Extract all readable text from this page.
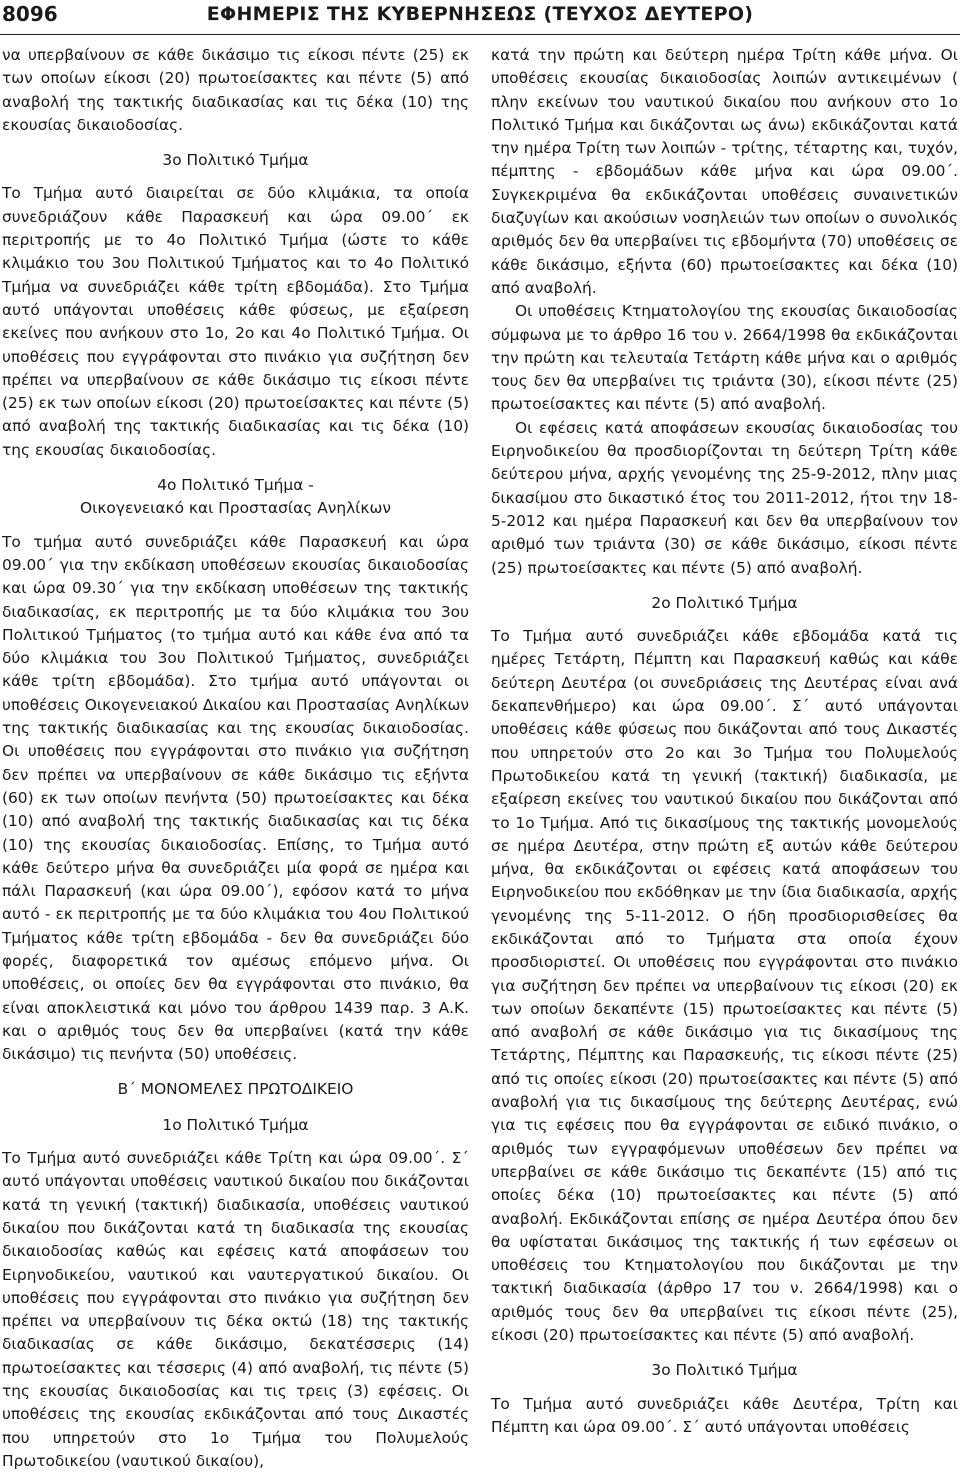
8096	ΕΦΗΜΕΡΙΣ ΤΗΣ ΚΥΒΕΡΝΗΣΕΩΣ (ΤΕΥΧΟΣ ΔΕΥΤΕΡΟ)

να υπερβαίνουν σε κάθε δικάσιμο τις είκοσι πέντε (25) εκ των οποίων είκοσι (20) πρωτοείσακτες και πέντε (5) από αναβολή της τακτικής διαδικασίας και τις δέκα (10) της εκουσίας δικαιοδοσίας.

3ο Πολιτικό Τμήμα

Το Τμήμα αυτό διαιρείται σε δύο κλιμάκια, τα οποία συνεδριάζουν κάθε Παρασκευή και ώρα 09.00΄ εκ περιτροπής με το 4ο Πολιτικό Τμήμα (ώστε το κάθε κλιμάκιο του 3ου Πολιτικού Τμήματος και το 4ο Πολιτικό Τμήμα να συνεδριάζει κάθε τρίτη εβδομάδα). Στο Τμήμα αυτό υπάγονται υποθέσεις κάθε φύσεως, με εξαίρεση εκείνες που ανήκουν στο 1ο, 2ο και 4ο Πολιτικό Τμήμα. Οι υποθέσεις που εγγράφονται στο πινάκιο για συζήτηση δεν πρέπει να υπερβαίνουν σε κάθε δικάσιμο τις είκοσι πέντε (25) εκ των οποίων είκοσι (20) πρωτοείσακτες και πέντε (5) από αναβολή της τακτικής διαδικασίας και τις δέκα (10) της εκουσίας δικαιοδοσίας.

4ο Πολιτικό Τμήμα -
Οικογενειακό και Προστασίας Ανηλίκων

Το τμήμα αυτό συνεδριάζει κάθε Παρασκευή και ώρα 09.00΄ για την εκδίκαση υποθέσεων εκουσίας δικαιοδοσίας και ώρα 09.30΄ για την εκδίκαση υποθέσεων της τακτικής διαδικασίας, εκ περιτροπής με τα δύο κλιμάκια του 3ου Πολιτικού Τμήματος (το τμήμα αυτό και κάθε ένα από τα δύο κλιμάκια του 3ου Πολιτικού Τμήματος, συνεδριάζει κάθε τρίτη εβδομάδα). Στο τμήμα αυτό υπάγονται οι υποθέσεις Οικογενειακού Δικαίου και Προστασίας Ανηλίκων της τακτικής διαδικασίας και της εκουσίας δικαιοδοσίας. Οι υποθέσεις που εγγράφονται στο πινάκιο για συζήτηση δεν πρέπει να υπερβαίνουν σε κάθε δικάσιμο τις εξήντα (60) εκ των οποίων πενήντα (50) πρωτοείσακτες και δέκα (10) από αναβολή της τακτικής διαδικασίας και τις δέκα (10) της εκουσίας δικαιοδοσίας. Επίσης, το Τμήμα αυτό κάθε δεύτερο μήνα θα συνεδριάζει μία φορά σε ημέρα και πάλι Παρασκευή (και ώρα 09.00΄), εφόσον κατά το μήνα αυτό - εκ περιτροπής με τα δύο κλιμάκια του 4ου Πολιτικού Τμήματος κάθε τρίτη εβδομάδα - δεν θα συνεδριάζει δύο φορές, διαφορετικά τον αμέσως επόμενο μήνα. Οι υποθέσεις, οι οποίες δεν θα εγγράφονται στο πινάκιο, θα είναι αποκλειστικά και μόνο του άρθρου 1439 παρ. 3 Α.Κ. και ο αριθμός τους δεν θα υπερβαίνει (κατά την κάθε δικάσιμο) τις πενήντα (50) υποθέσεις.

Β΄ ΜΟΝΟΜΕΛΕΣ ΠΡΩΤΟΔΙΚΕΙΟ
1ο Πολιτικό Τμήμα

Το Τμήμα αυτό συνεδριάζει κάθε Τρίτη και ώρα 09.00΄. Σ΄ αυτό υπάγονται υποθέσεις ναυτικού δικαίου που δικάζονται κατά τη γενική (τακτική) διαδικασία, υποθέσεις ναυτικού δικαίου που δικάζονται κατά τη διαδικασία της εκουσίας δικαιοδοσίας καθώς και εφέσεις κατά αποφάσεων του Ειρηνοδικείου, ναυτικού και ναυτεργατικού δικαίου. Οι υποθέσεις που εγγράφονται στο πινάκιο για συζήτηση δεν πρέπει να υπερβαίνουν τις δέκα οκτώ (18) της τακτικής διαδικασίας σε κάθε δικάσιμο, δεκατέσσερις (14) πρωτοείσακτες και τέσσερις (4) από αναβολή, τις πέντε (5) της εκουσίας δικαιοδοσίας και τις τρεις (3) εφέσεις. Οι υποθέσεις της εκουσίας εκδικάζονται από τους Δικαστές που υπηρετούν στο 1ο Τμήμα του Πολυμελούς Πρωτοδικείου (ναυτικού δικαίου),

κατά την πρώτη και δεύτερη ημέρα Τρίτη κάθε μήνα. Οι υποθέσεις εκουσίας δικαιοδοσίας λοιπών αντικειμένων ( πλην εκείνων του ναυτικού δικαίου που ανήκουν στο 1ο Πολιτικό Τμήμα και δικάζονται ως άνω) εκδικάζονται κατά την ημέρα Τρίτη των λοιπών - τρίτης, τέταρτης και, τυχόν, πέμπτης - εβδομάδων κάθε μήνα και ώρα 09.00΄. Συγκεκριμένα θα εκδικάζονται υποθέσεις συναινετικών διαζυγίων και ακούσιων νοσηλειών των οποίων ο συνολικός αριθμός δεν θα υπερβαίνει τις εβδομήντα (70) υποθέσεις σε κάθε δικάσιμο, εξήντα (60) πρωτοείσακτες και δέκα (10) από αναβολή.

Οι υποθέσεις Κτηματολογίου της εκουσίας δικαιοδοσίας σύμφωνα με το άρθρο 16 του ν. 2664/1998 θα εκδικάζονται την πρώτη και τελευταία Τετάρτη κάθε μήνα και ο αριθμός τους δεν θα υπερβαίνει τις τριάντα (30), είκοσι πέντε (25) πρωτοείσακτες και πέντε (5) από αναβολή.

Οι εφέσεις κατά αποφάσεων εκουσίας δικαιοδοσίας του Ειρηνοδικείου θα προσδιορίζονται τη δεύτερη Τρίτη κάθε δεύτερου μήνα, αρχής γενομένης της 25-9-2012, πλην μιας δικασίμου στο δικαστικό έτος του 2011-2012, ήτοι την 18-5-2012 και ημέρα Παρασκευή και δεν θα υπερβαίνουν τον αριθμό των τριάντα (30) σε κάθε δικάσιμο, είκοσι πέντε (25) πρωτοείσακτες και πέντε (5) από αναβολή.

2ο Πολιτικό Τμήμα

Το Τμήμα αυτό συνεδριάζει κάθε εβδομάδα κατά τις ημέρες Τετάρτη, Πέμπτη και Παρασκευή καθώς και κάθε δεύτερη Δευτέρα (οι συνεδριάσεις της Δευτέρας είναι ανά δεκαπενθήμερο) και ώρα 09.00΄. Σ΄ αυτό υπάγονται υποθέσεις κάθε φύσεως που δικάζονται από τους Δικαστές που υπηρετούν στο 2ο και 3ο Τμήμα του Πολυμελούς Πρωτοδικείου κατά τη γενική (τακτική) διαδικασία, με εξαίρεση εκείνες του ναυτικού δικαίου που δικάζονται από το 1ο Τμήμα. Από τις δικασίμους της τακτικής μονομελούς σε ημέρα Δευτέρα, στην πρώτη εξ αυτών κάθε δεύτερου μήνα, θα εκδικάζονται οι εφέσεις κατά αποφάσεων του Ειρηνοδικείου που εκδόθηκαν με την ίδια διαδικασία, αρχής γενομένης της 5-11-2012. Ο ήδη προσδιορισθείσες θα εκδικάζονται από το Τμήματα στα οποία έχουν προσδιοριστεί. Οι υποθέσεις που εγγράφονται στο πινάκιο για συζήτηση δεν πρέπει να υπερβαίνουν τις είκοσι (20) εκ των οποίων δεκαπέντε (15) πρωτοείσακτες και πέντε (5) από αναβολή σε κάθε δικάσιμο για τις δικασίμους της Τετάρτης, Πέμπτης και Παρασκευής, τις είκοσι πέντε (25) από τις οποίες είκοσι (20) πρωτοείσακτες και πέντε (5) από αναβολή για τις δικασίμους της δεύτερης Δευτέρας, ενώ για τις εφέσεις που θα εγγράφονται σε ειδικό πινάκιο, ο αριθμός των εγγραφόμενων υποθέσεων δεν πρέπει να υπερβαίνει σε κάθε δικάσιμο τις δεκαπέντε (15) από τις οποίες δέκα (10) πρωτοείσακτες και πέντε (5) από αναβολή. Εκδικάζονται επίσης σε ημέρα Δευτέρα όπου δεν θα υφίσταται δικάσιμος της τακτικής ή των εφέσεων οι υποθέσεις του Κτηματολογίου που δικάζονται με την τακτική διαδικασία (άρθρο 17 του ν. 2664/1998) και ο αριθμός τους δεν θα υπερβαίνει τις είκοσι πέντε (25), είκοσι (20) πρωτοείσακτες και πέντε (5) από αναβολή.

3ο Πολιτικό Τμήμα

Το Τμήμα αυτό συνεδριάζει κάθε Δευτέρα, Τρίτη και Πέμπτη και ώρα 09.00΄. Σ΄ αυτό υπάγονται υποθέσεις
